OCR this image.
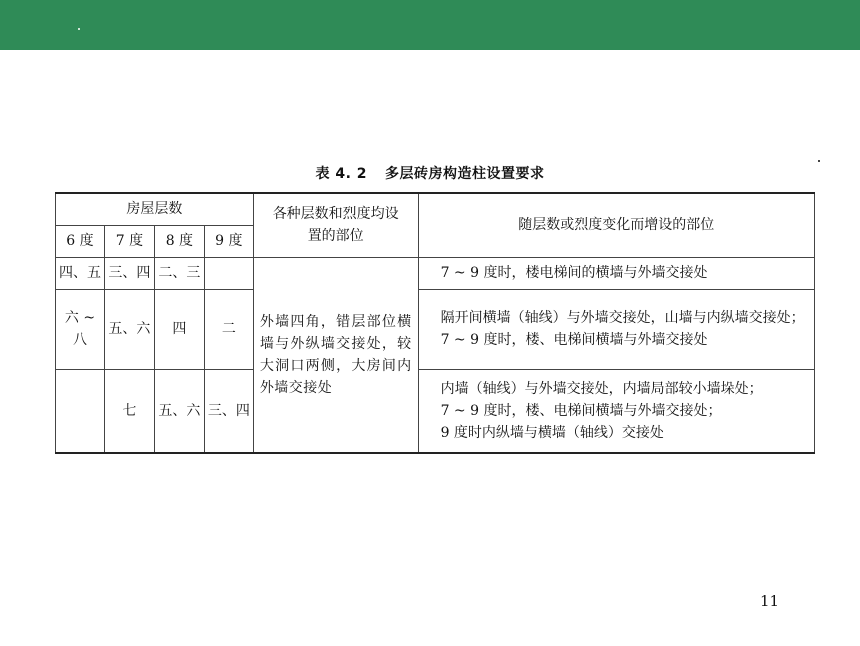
表 4. 2 多层砖房构造柱设置要求
房屋层数				各种层数和烈度均设置的部位	随层数或烈度变化而增设的部位
6 度	7 度	8 度	9 度		
四、五	三、四	二、三		外墙四角，错层部位横墙与外纵墙交接处，较大洞口两侧，大房间内外墙交接处	7 ~ 9 度时，楼电梯间的横墙与外墙交接处

六 ~ 八	五、六	四	二		隔开间横墙（轴线）与外墙交接处，山墙与内纵墙交接处；
7 ~ 9 度时，楼、电梯间横墙与外墙交接处

	七	五、六	三、四		内墙（轴线）与外墙交接处，内墙局部较小墙垛处；
7 ~ 9 度时，楼、电梯间横墙与外墙交接处；
9 度时内纵墙与横墙（轴线）交接处
11
